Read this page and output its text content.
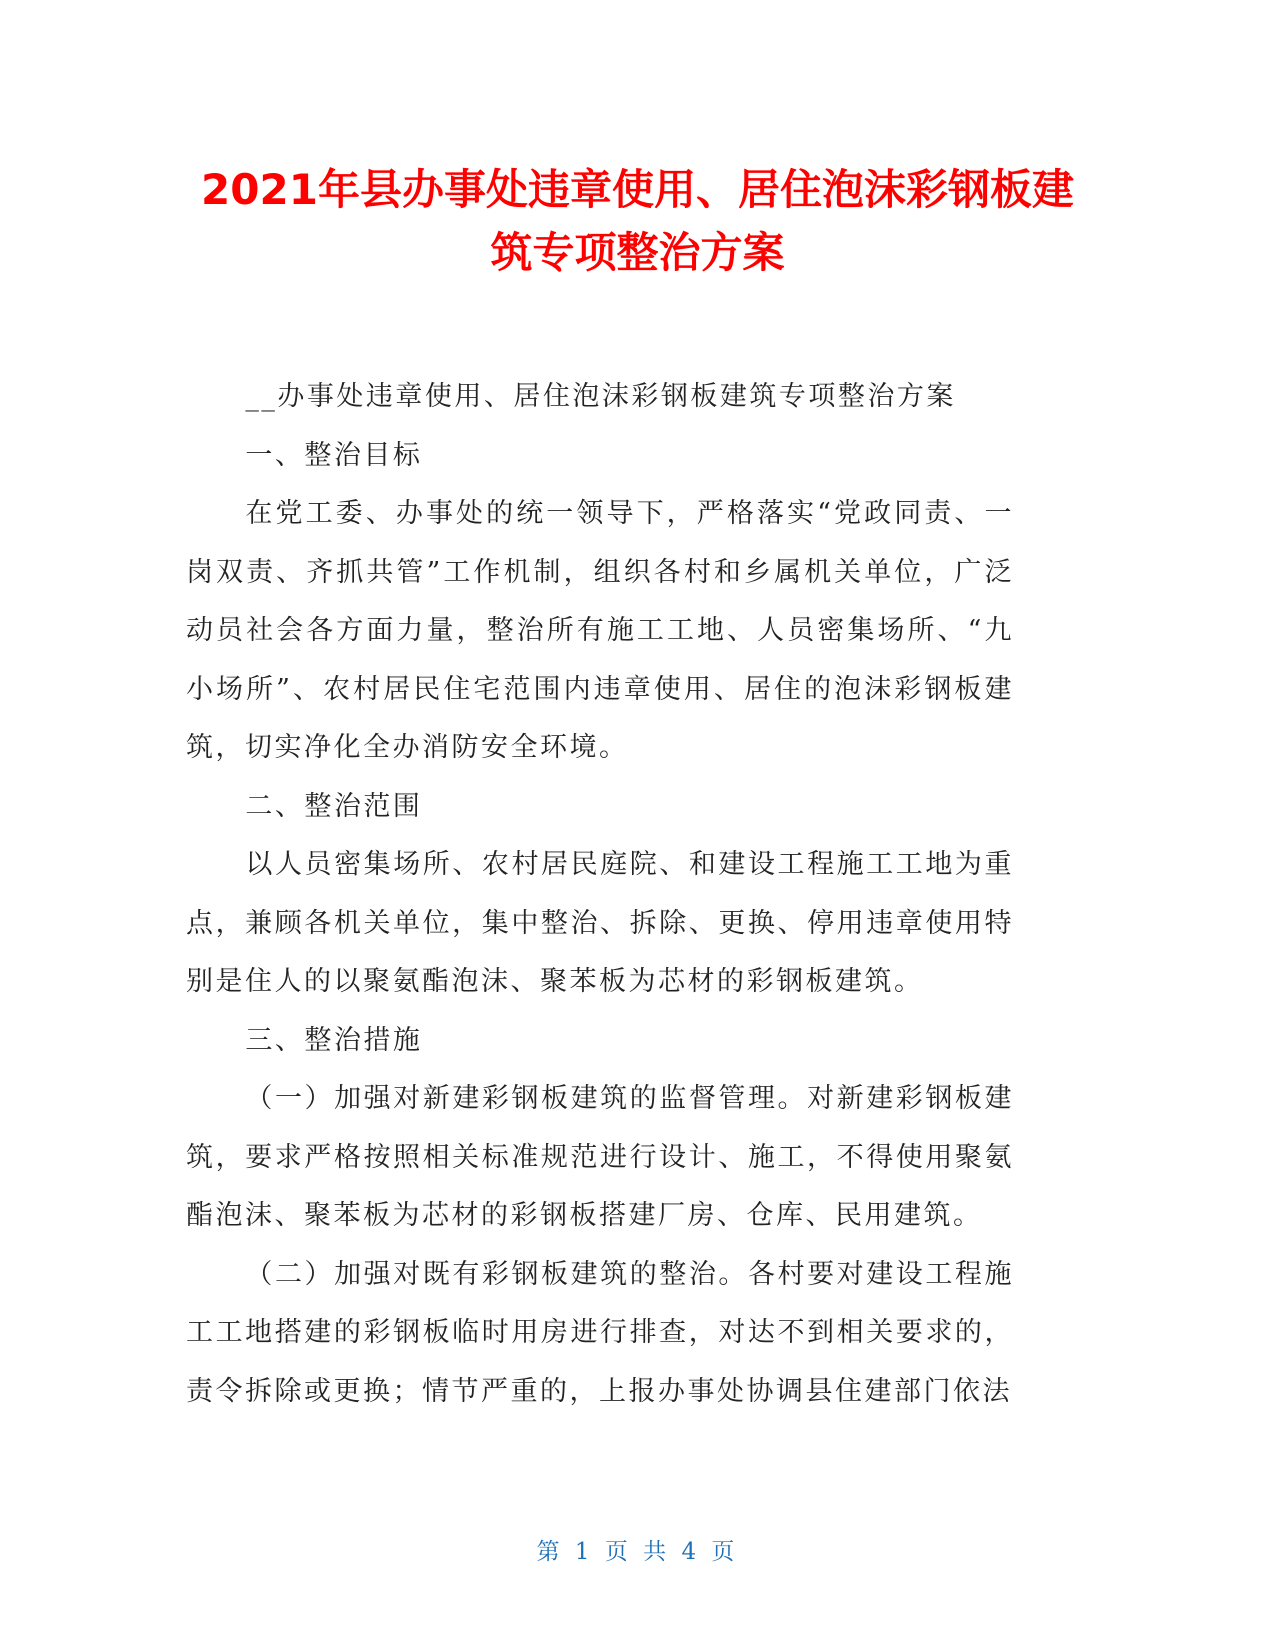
2021年县办事处违章使用、居住泡沫彩钢板建
筑专项整治方案

__办事处违章使用、居住泡沫彩钢板建筑专项整治方案

一、整治目标

在党工委、办事处的统一领导下，严格落实“党政同责、一岗双责、齐抓共管”工作机制，组织各村和乡属机关单位，广泛动员社会各方面力量，整治所有施工工地、人员密集场所、“九小场所”、农村居民住宅范围内违章使用、居住的泡沫彩钢板建筑，切实净化全办消防安全环境。

二、整治范围

以人员密集场所、农村居民庭院、和建设工程施工工地为重点，兼顾各机关单位，集中整治、拆除、更换、停用违章使用特别是住人的以聚氨酯泡沫、聚苯板为芯材的彩钢板建筑。

三、整治措施

（一）加强对新建彩钢板建筑的监督管理。对新建彩钢板建筑，要求严格按照相关标准规范进行设计、施工，不得使用聚氨酯泡沫、聚苯板为芯材的彩钢板搭建厂房、仓库、民用建筑。

（二）加强对既有彩钢板建筑的整治。各村要对建设工程施工工地搭建的彩钢板临时用房进行排查，对达不到相关要求的，责令拆除或更换；情节严重的，上报办事处协调县住建部门依法

第 1 页 共 4 页
